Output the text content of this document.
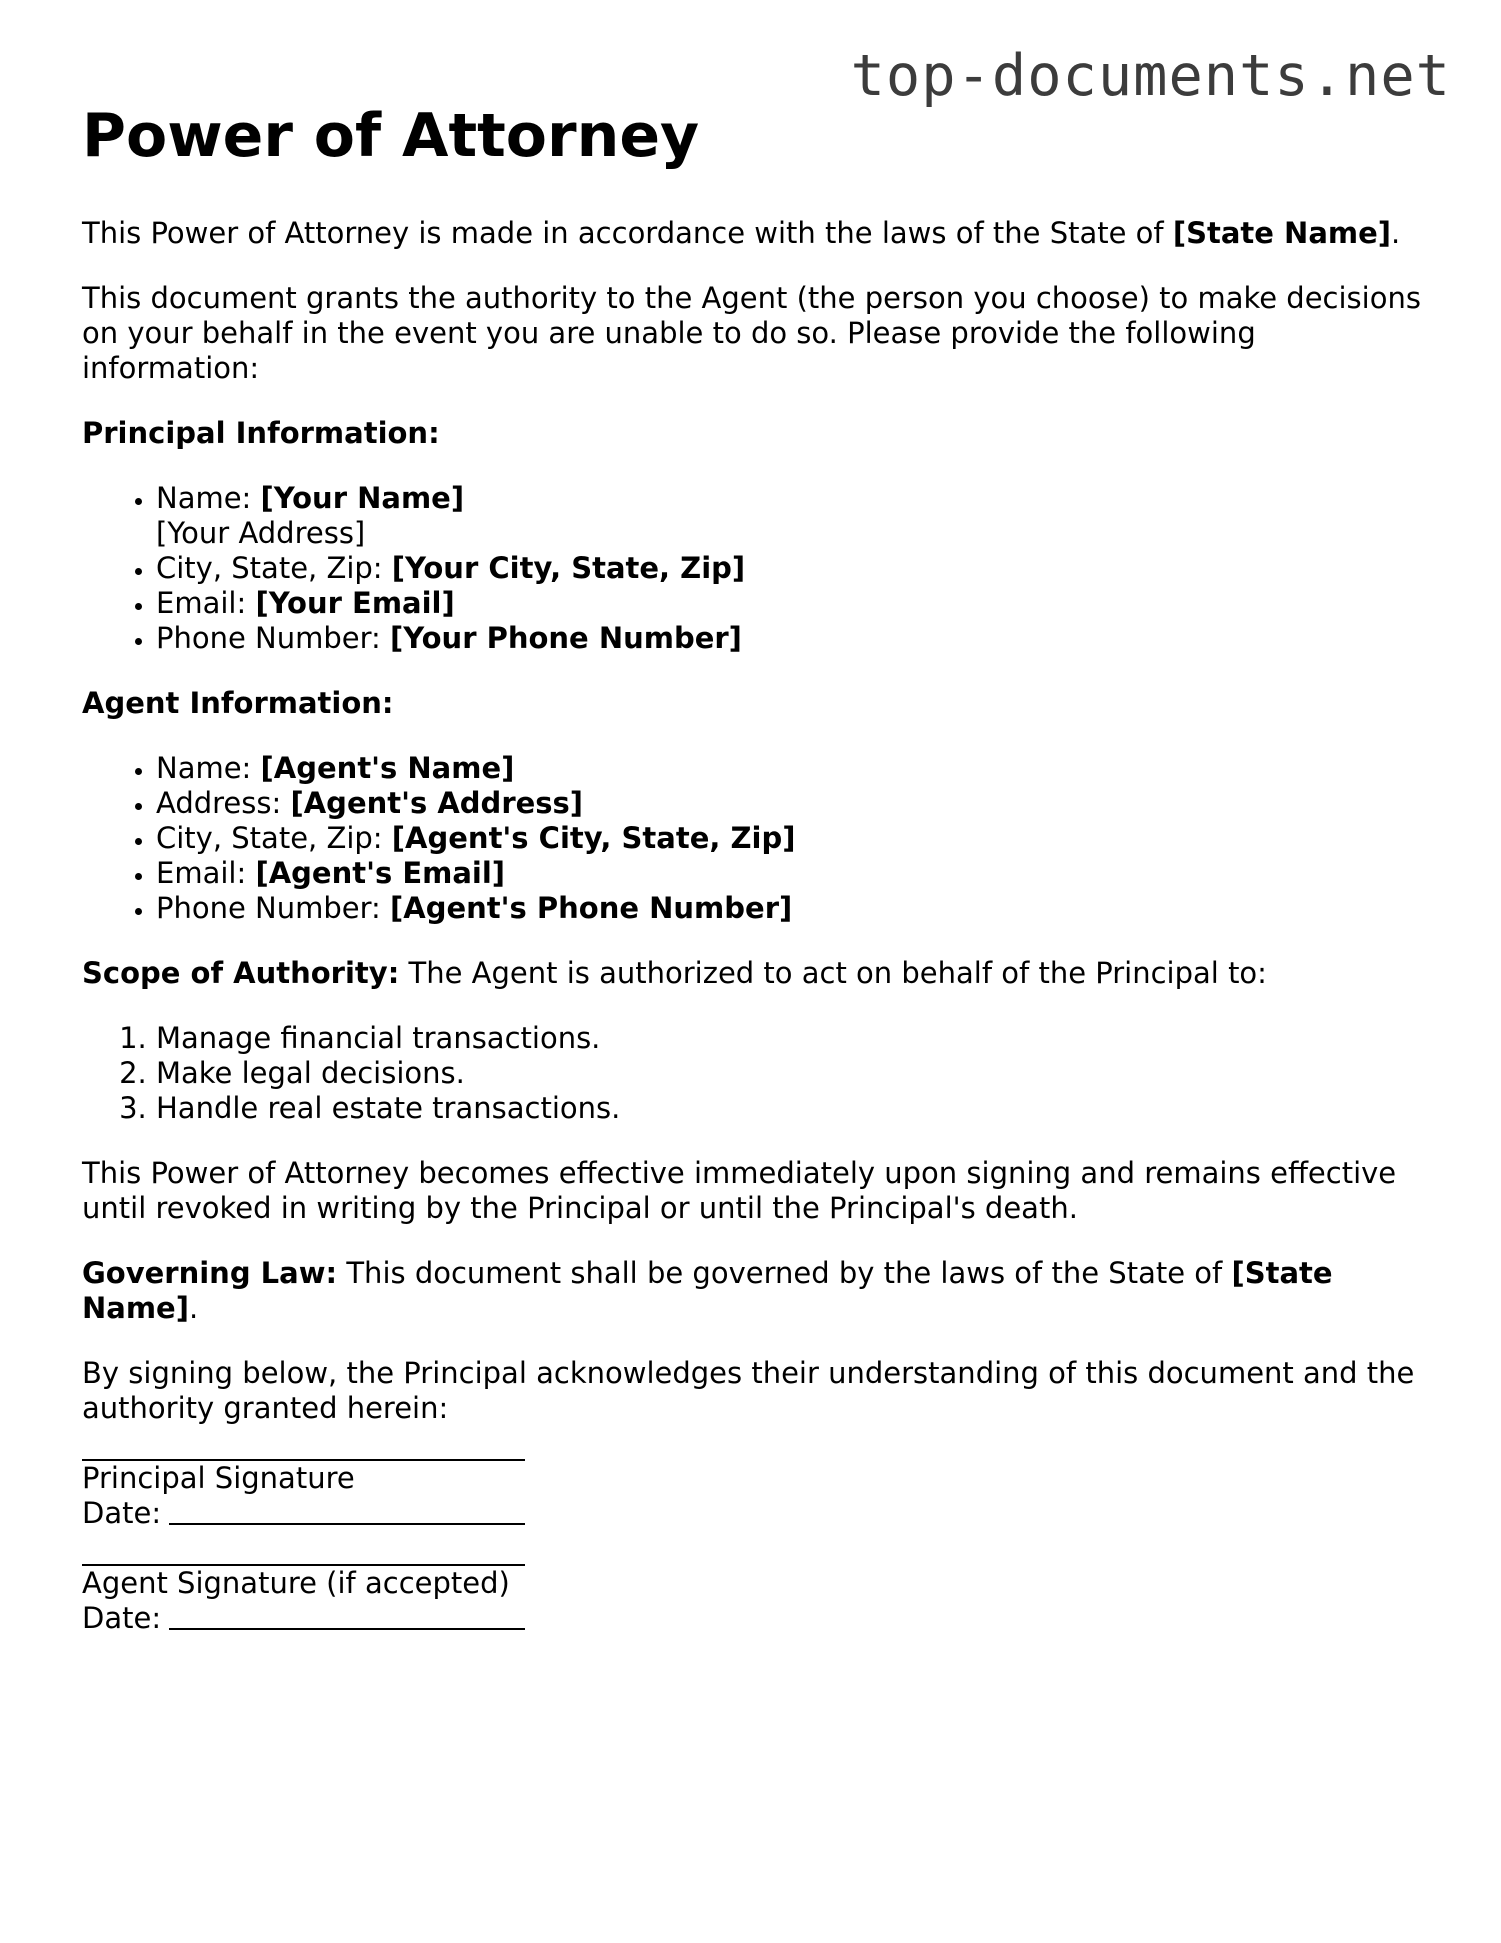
top-documents.net
Power of Attorney

This Power of Attorney is made in accordance with the laws of the State of [State Name].

This document grants the authority to the Agent (the person you choose) to make decisions on your behalf in the event you are unable to do so. Please provide the following information:

Principal Information:

• Name: [Your Name]
[Your Address]
• City, State, Zip: [Your City, State, Zip]
• Email: [Your Email]
• Phone Number: [Your Phone Number]

Agent Information:

• Name: [Agent's Name]
• Address: [Agent's Address]
• City, State, Zip: [Agent's City, State, Zip]
• Email: [Agent's Email]
• Phone Number: [Agent's Phone Number]

Scope of Authority: The Agent is authorized to act on behalf of the Principal to:

1. Manage financial transactions.
2. Make legal decisions.
3. Handle real estate transactions.

This Power of Attorney becomes effective immediately upon signing and remains effective until revoked in writing by the Principal or until the Principal's death.

Governing Law: This document shall be governed by the laws of the State of [State Name].

By signing below, the Principal acknowledges their understanding of this document and the authority granted herein:

Principal Signature
Date:
Agent Signature (if accepted)
Date:
